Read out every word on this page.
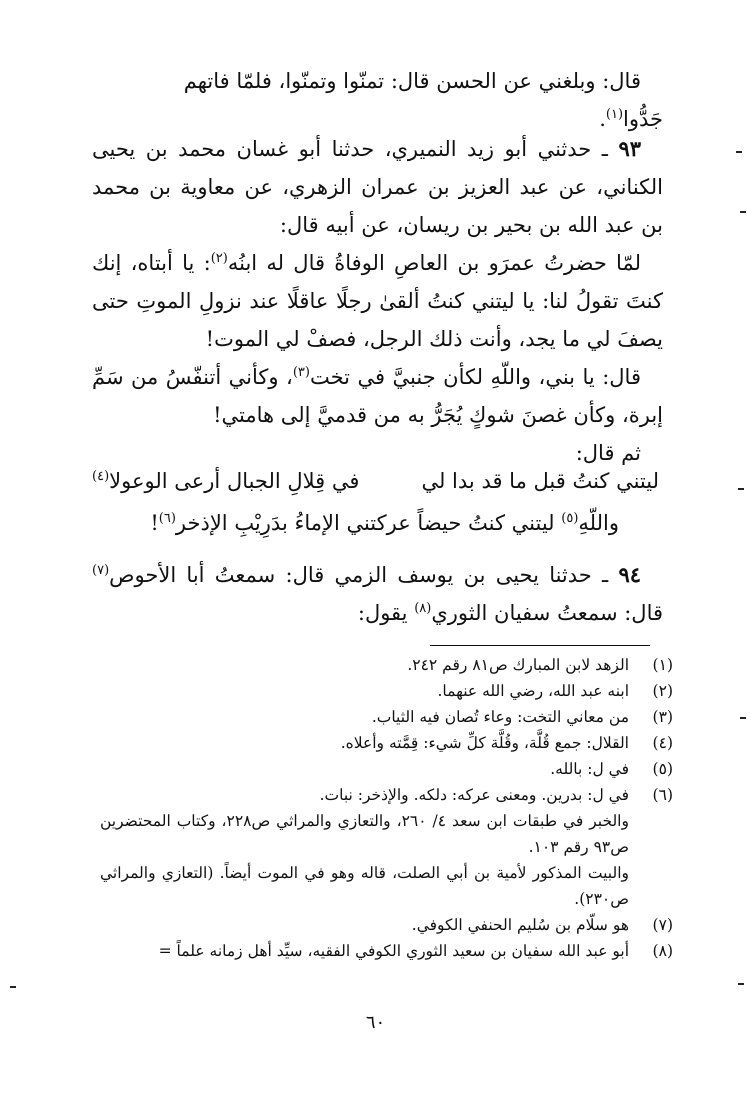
قال: وبلغني عن الحسن قال: تمنّوا وتمنّوا، فلمّا فاتهم

جَدُّوا$^{(١)}$.

٩٣ ـ حدثني أبو زيد النميري، حدثنا أبو غسان محمد بن يحيى الكناني، عن عبد العزيز بن عمران الزهري، عن معاوية بن محمد بن عبد الله بن بحير بن ريسان، عن أبيه قال:

لمّا حضرتُ عمرَو بن العاصِ الوفاةُ قال له ابنُه$^{(٢)}$: يا أبتاه، إنك كنتَ تقولُ لنا: يا ليتني كنتُ ألقىٰ رجلًا عاقلًا عند نزولِ الموتِ حتى يصفَ لي ما يجد، وأنت ذلك الرجل، فصفْ لي الموت!

قال: يا بني، واللّهِ لكأن جنبيَّ في تخت$^{(٣)}$، وكأني أتنفّسُ من سَمِّ إبرة، وكأن غصنَ شوكٍ يُجَرُّ به من قدميَّ إلى هامتي!

ثم قال:

ليتني كنتُ قبل ما قد بدا لي
في قِلالِ الجبال أرعى الوعولا$^{(٤)}$
واللّهِ$^{(٥)}$ ليتني كنتُ حيضاً عركتني الإماءُ بدَرِيْبِ الإذخر$^{(٦)}$!

٩٤ ـ حدثنا يحيى بن يوسف الزمي قال: سمعتُ أبا الأحوص$^{(٧)}$ قال: سمعتُ سفيان الثوري$^{(٨)}$ يقول:

(١)
الزهد لابن المبارك ص٨١ رقم ٢٤٢.
(٢)
ابنه عبد الله، رضي الله عنهما.
(٣)
من معاني التخت: وعاء تُصان فيه الثياب.
(٤)
القلال: جمع قُلَّة، وقُلَّة كلِّ شيء: قِمَّته وأعلاه.
(٥)
في ل: بالله.
(٦)
في ل: بدرين. ومعنى عركه: دلكه. والإذخر: نبات.
والخبر في طبقات ابن سعد ٤/ ٢٦٠، والتعازي والمراثي ص٢٢٨، وكتاب المحتضرين ص٩٣ رقم ١٠٣.
والبيت المذكور لأمية بن أبي الصلت، قاله وهو في الموت أيضاً. (التعازي والمراثي ص٢٣٠).
(٧)
هو سلّام بن سُليم الحنفي الكوفي.
(٨)
أبو عبد الله سفيان بن سعيد الثوري الكوفي الفقيه، سيِّد أهل زمانه علماً =
٦٠
